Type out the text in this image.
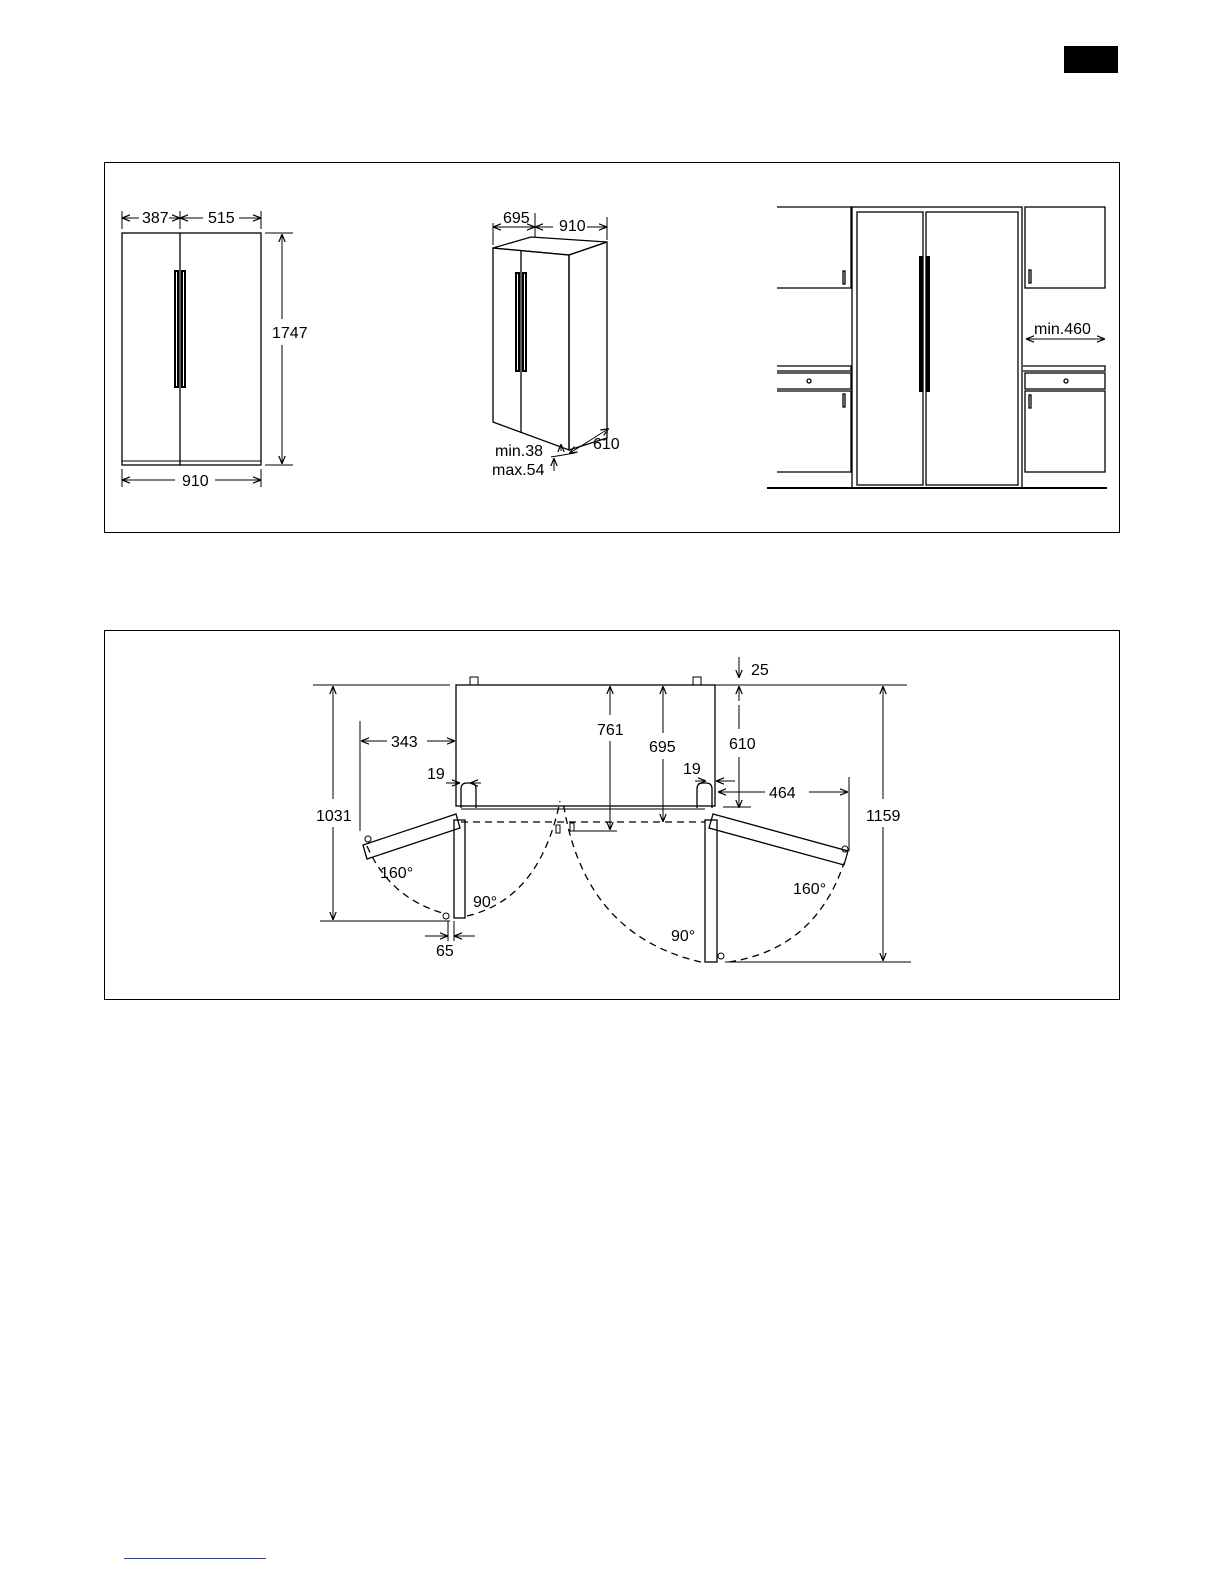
387 515
1747
910
695 910
610
min.38
max.54
min.460
25
761
695	610
343
464
19	19
1031	1159
65
160°
90°
160°
90°
